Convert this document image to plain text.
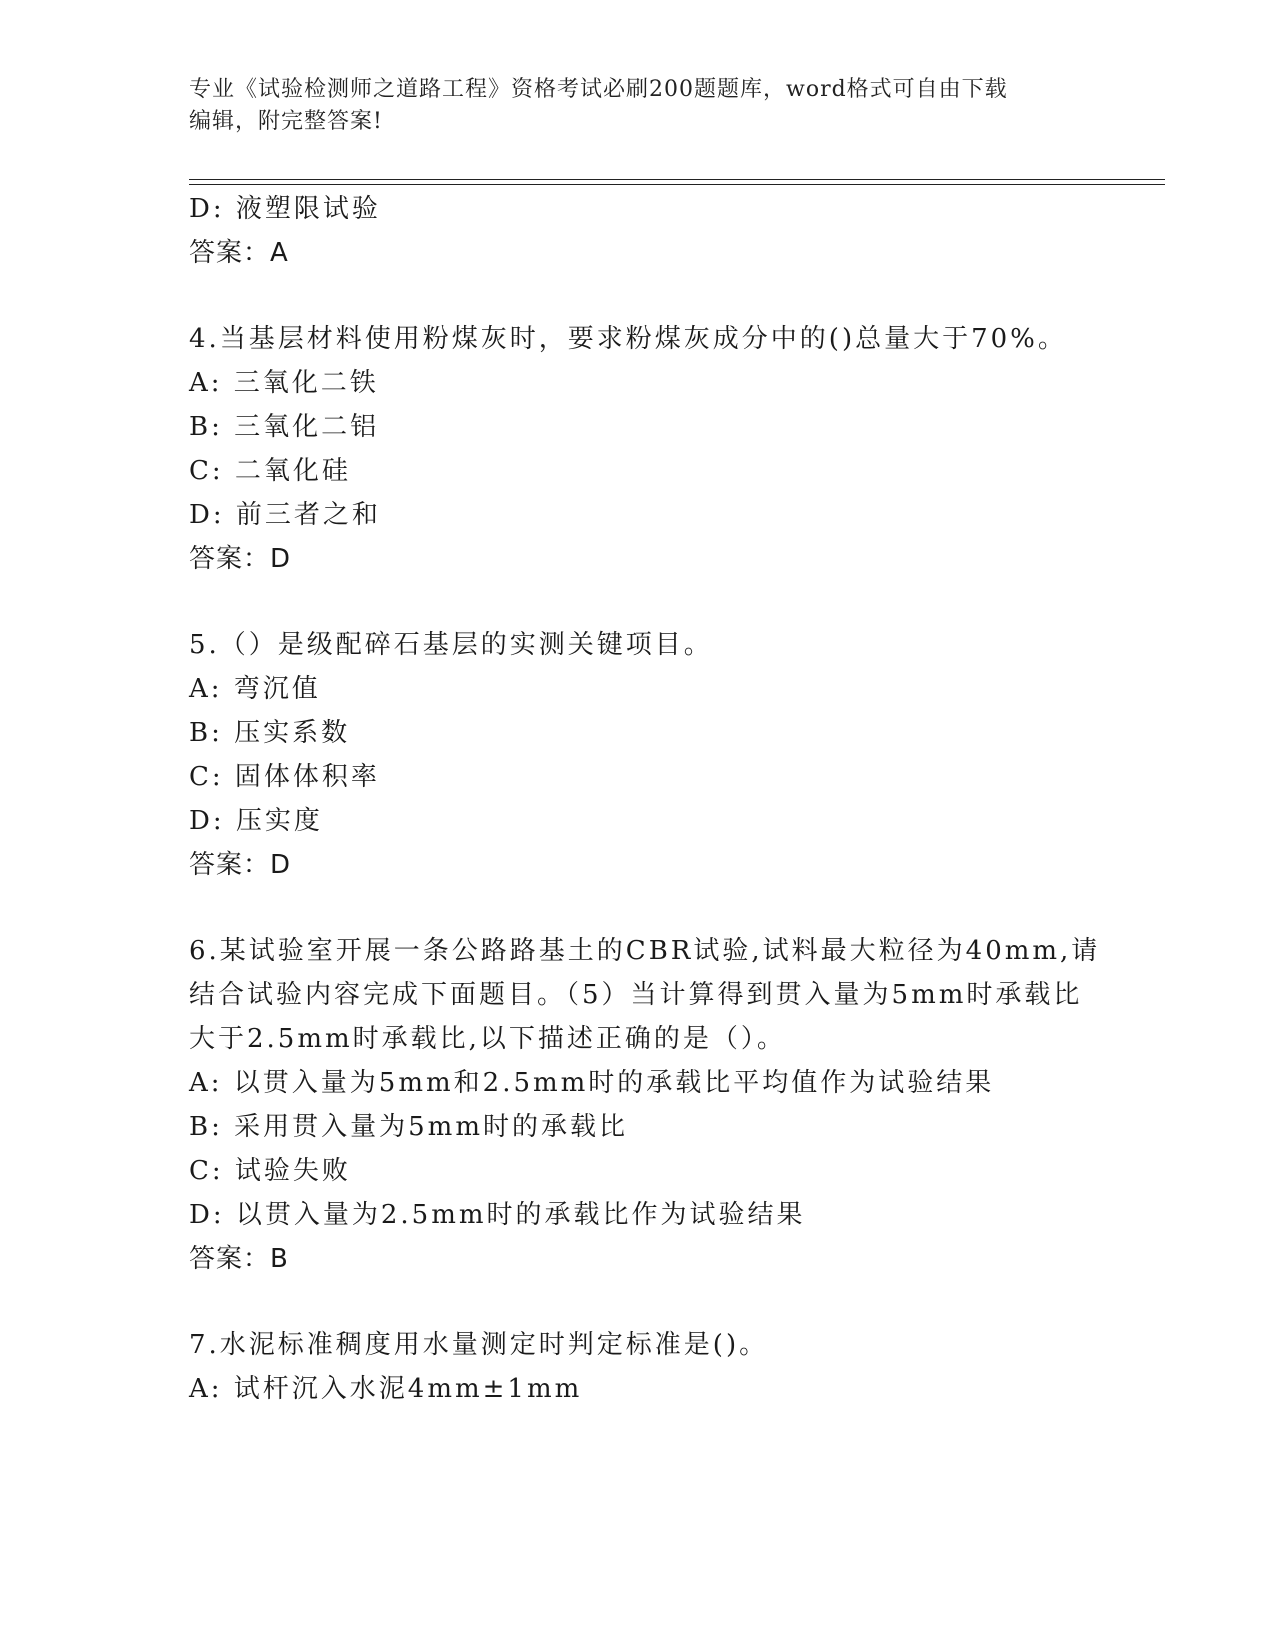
专业《试验检测师之道路工程》资格考试必刷200题题库，word格式可自由下载
编辑，附完整答案!
D: 液塑限试验
答案：A
4.当基层材料使用粉煤灰时，要求粉煤灰成分中的()总量大于70%。
A: 三氧化二铁
B: 三氧化二铝
C: 二氧化硅
D: 前三者之和
答案：D
5.（）是级配碎石基层的实测关键项目。
A: 弯沉值
B: 压实系数
C: 固体体积率
D: 压实度
答案：D
6.某试验室开展一条公路路基土的CBR试验,试料最大粒径为40mm,请
结合试验内容完成下面题目。（5）当计算得到贯入量为5mm时承载比
大于2.5mm时承载比,以下描述正确的是（）。
A: 以贯入量为5mm和2.5mm时的承载比平均值作为试验结果
B: 采用贯入量为5mm时的承载比
C: 试验失败
D: 以贯入量为2.5mm时的承载比作为试验结果
答案：B
7.水泥标准稠度用水量测定时判定标准是()。
A: 试杆沉入水泥4mm±1mm
